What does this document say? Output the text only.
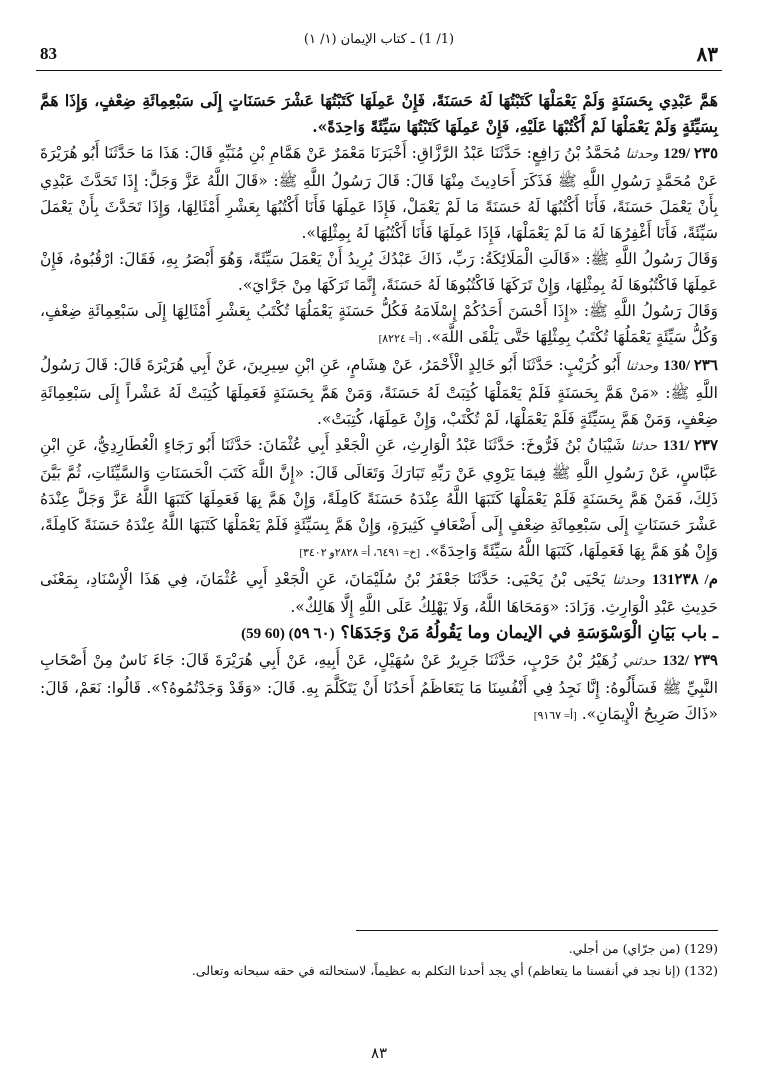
83
(1/ 1) ـ كتاب الإيمان (١/ ١)
٨٣

هَمَّ عَبْدِي بِحَسَنَةٍ وَلَمْ يَعْمَلْهَا كَتَبْتُهَا لَهُ حَسَنَةً، فَإِنْ عَمِلَهَا كَتَبْتُهَا عَشْرَ حَسَنَاتٍ إِلَى سَبْعِمِائَةِ ضِعْفٍ، وَإِذَا هَمَّ بِسَيِّئَةٍ وَلَمْ يَعْمَلْهَا لَمْ أَكْتُبْهَا عَلَيْهِ، فَإِنْ عَمِلَهَا كَتَبْتُهَا سَيِّئَةً وَاحِدَةً».

129/ ٢٣٥ وحدثنا مُحَمَّدُ بْنُ رَافِعٍ: حَدَّثَنَا عَبْدُ الرَّزَّاقِ: أَخْبَرَنَا مَعْمَرٌ عَنْ هَمَّامِ بْنِ مُنَبِّهٍ قَالَ: هَذَا مَا حَدَّثَنَا أَبُو هُرَيْرَةَ عَنْ مُحَمَّدٍ رَسُولِ اللَّهِ ﷺ فَذَكَرَ أَحَادِيثَ مِنْهَا قَالَ: قَالَ رَسُولُ اللَّهِ ﷺ: «قَالَ اللَّهُ عَزَّ وَجَلَّ: إِذَا تَحَدَّثَ عَبْدِي بِأَنْ يَعْمَلَ حَسَنَةً، فَأَنَا أَكْتُبُهَا لَهُ حَسَنَةً مَا لَمْ يَعْمَلْ، فَإِذَا عَمِلَهَا فَأَنَا أَكْتُبُهَا بِعَشْرِ أَمْثَالِهَا، وَإِذَا تَحَدَّثَ بِأَنْ يَعْمَلَ سَيِّئَةً، فَأَنَا أَغْفِرُهَا لَهُ مَا لَمْ يَعْمَلْهَا، فَإِذَا عَمِلَهَا فَأَنَا أَكْتُبُهَا لَهُ بِمِثْلِهَا».

وَقَالَ رَسُولُ اللَّهِ ﷺ: «قَالَتِ الْمَلَائِكَةُ: رَبِّ، ذَاكَ عَبْدُكَ يُرِيدُ أَنْ يَعْمَلَ سَيِّئَةً، وَهُوَ أَبْصَرُ بِهِ، فَقَالَ: ارْقُبُوهُ، فَإِنْ عَمِلَهَا فَاكْتُبُوهَا لَهُ بِمِثْلِهَا، وَإِنْ تَرَكَهَا فَاكْتُبُوهَا لَهُ حَسَنَةً، إِنَّمَا تَرَكَهَا مِنْ جَرَّايَ».

وَقَالَ رَسُولُ اللَّهِ ﷺ: «إِذَا أَحْسَنَ أَحَدُكُمْ إِسْلَامَهُ فَكُلُّ حَسَنَةٍ يَعْمَلُهَا تُكْتَبُ بِعَشْرِ أَمْثَالِهَا إِلَى سَبْعِمِائَةِ ضِعْفٍ، وَكُلُّ سَيِّئَةٍ يَعْمَلُهَا تُكْتَبُ بِمِثْلِهَا حَتَّى يَلْقَى اللَّهَ». [أ= ٨٢٢٤]

130/ ٢٣٦ وحدثنا أَبُو كُرَيْبٍ: حَدَّثَنَا أَبُو خَالِدٍ الْأَحْمَرُ، عَنْ هِشَامٍ، عَنِ ابْنِ سِيرِينَ، عَنْ أَبِي هُرَيْرَةَ قَالَ: قَالَ رَسُولُ اللَّهِ ﷺ: «مَنْ هَمَّ بِحَسَنَةٍ فَلَمْ يَعْمَلْهَا كُتِبَتْ لَهُ حَسَنَةً، وَمَنْ هَمَّ بِحَسَنَةٍ فَعَمِلَهَا كُتِبَتْ لَهُ عَشْراً إِلَى سَبْعِمِائَةِ ضِعْفٍ، وَمَنْ هَمَّ بِسَيِّئَةٍ فَلَمْ يَعْمَلْهَا، لَمْ تُكْتَبْ، وَإِنْ عَمِلَهَا، كُتِبَتْ».

131/ ٢٣٧ حدثنا شَيْبَانُ بْنُ فَرُّوخَ: حَدَّثَنَا عَبْدُ الْوَارِثِ، عَنِ الْجَعْدِ أَبِي عُثْمَانَ: حَدَّثَنَا أَبُو رَجَاءٍ الْعُطَارِدِيُّ، عَنِ ابْنِ عَبَّاسٍ، عَنْ رَسُولِ اللَّهِ ﷺ فِيمَا يَرْوِي عَنْ رَبِّهِ تَبَارَكَ وَتَعَالَى قَالَ: «إِنَّ اللَّهَ كَتَبَ الْحَسَنَاتِ وَالسَّيِّئَاتِ، ثُمَّ بَيَّنَ ذَلِكَ، فَمَنْ هَمَّ بِحَسَنَةٍ فَلَمْ يَعْمَلْهَا كَتَبَهَا اللَّهُ عِنْدَهُ حَسَنَةً كَامِلَةً، وَإِنْ هَمَّ بِهَا فَعَمِلَهَا كَتَبَهَا اللَّهُ عَزَّ وَجَلَّ عِنْدَهُ عَشْرَ حَسَنَاتٍ إِلَى سَبْعِمِائَةِ ضِعْفٍ إِلَى أَضْعَافٍ كَثِيرَةٍ، وَإِنْ هَمَّ بِسَيِّئَةٍ فَلَمْ يَعْمَلْهَا كَتَبَهَا اللَّهُ عِنْدَهُ حَسَنَةً كَامِلَةً، وَإِنْ هُوَ هَمَّ بِهَا فَعَمِلَهَا، كَتَبَهَا اللَّهُ سَيِّئَةً وَاحِدَةً». [خ= ٦٤٩١، أ= ٢٨٢٨و ٣٤٠٢]

131م/ ٢٣٨ وحدثنا يَحْيَى بْنُ يَحْيَى: حَدَّثَنَا جَعْفَرُ بْنُ سُلَيْمَانَ، عَنِ الْجَعْدِ أَبِي عُثْمَانَ، فِي هَذَا الْإِسْنَادِ، بِمَعْنَى حَدِيثِ عَبْدِ الْوَارِثِ. وَزَادَ: «وَمَحَاهَا اللَّهُ، وَلَا يَهْلِكُ عَلَى اللَّهِ إِلَّا هَالِكٌ».

ـ باب بَيَانِ الْوَسْوَسَةِ في الإيمان وما يَقُولُهُ مَنْ وَجَدَهَا؟ (59 60) (٦٠ ٥٩)

132/ ٢٣٩ حدثني زُهَيْرُ بْنُ حَرْبٍ، حَدَّثَنَا جَرِيرٌ عَنْ سُهَيْلٍ، عَنْ أَبِيهِ، عَنْ أَبِي هُرَيْرَةَ قَالَ: جَاءَ نَاسٌ مِنْ أَصْحَابِ النَّبِيِّ ﷺ فَسَأَلُوهُ: إِنَّا نَجِدُ فِي أَنْفُسِنَا مَا يَتَعَاظَمُ أَحَدُنَا أَنْ يَتَكَلَّمَ بِهِ. قَالَ: «وَقَدْ وَجَدْتُمُوهُ؟». قَالُوا: نَعَمْ، قَالَ: «ذَاكَ صَرِيحُ الْإِيمَانِ». [أ= ٩١٦٧]

(129) (من جرّاي) من أجلي.

(132) (إنا نجد في أنفسنا ما يتعاظم) أي يجد أحدنا التكلم به عظيماً، لاستحالته في حقه سبحانه وتعالى.

٨٣
